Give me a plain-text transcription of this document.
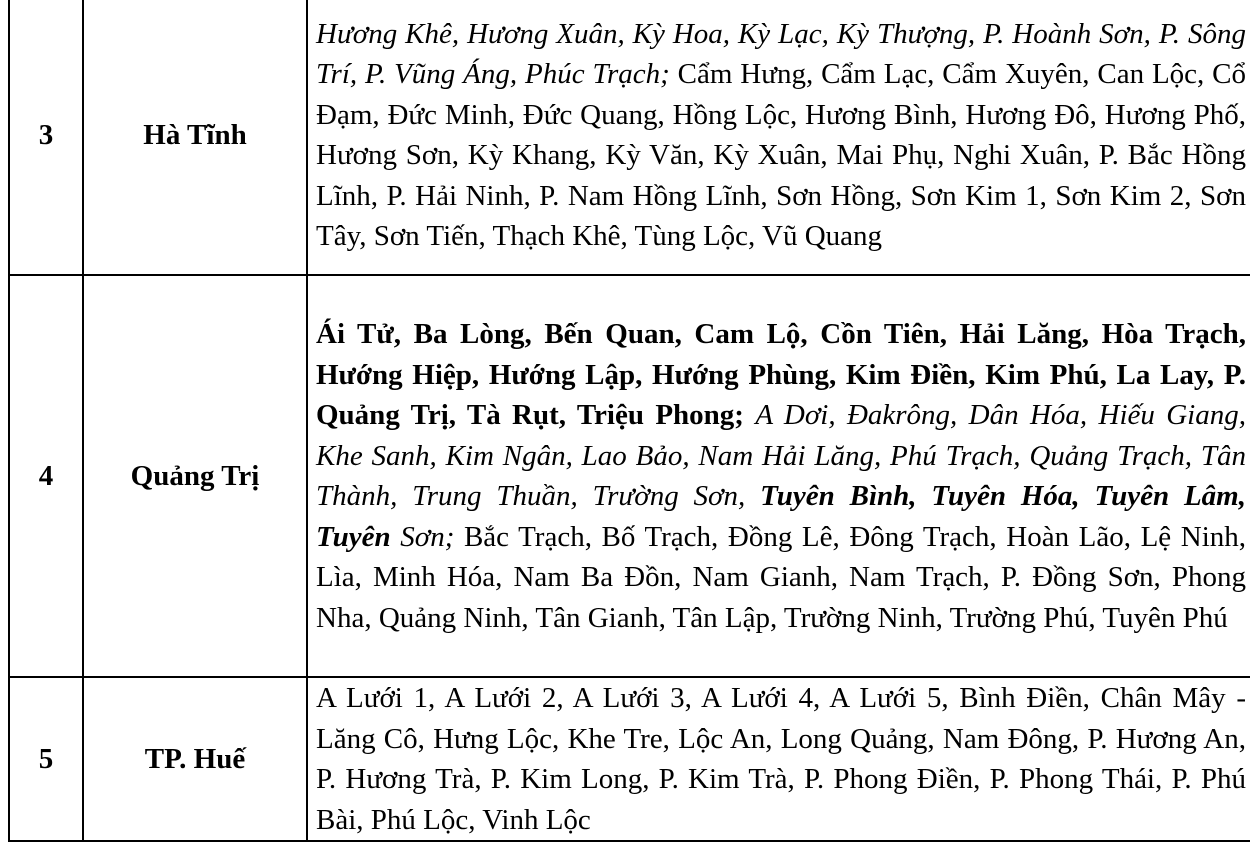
3	Hà Tĩnh	Hương Khê, Hương Xuân, Kỳ Hoa, Kỳ Lạc, Kỳ Thượng, P. Hoành Sơn, P. Sông Trí, P. Vũng Áng, Phúc Trạch; Cẩm Hưng, Cẩm Lạc, Cẩm Xuyên, Can Lộc, Cổ Đạm, Đức Minh, Đức Quang, Hồng Lộc, Hương Bình, Hương Đô, Hương Phố, Hương Sơn, Kỳ Khang, Kỳ Văn, Kỳ Xuân, Mai Phụ, Nghi Xuân, P. Bắc Hồng Lĩnh, P. Hải Ninh, P. Nam Hồng Lĩnh, Sơn Hồng, Sơn Kim 1, Sơn Kim 2, Sơn Tây, Sơn Tiến, Thạch Khê, Tùng Lộc, Vũ Quang
4	Quảng Trị	Ái Tử, Ba Lòng, Bến Quan, Cam Lộ, Cồn Tiên, Hải Lăng, Hòa Trạch, Hướng Hiệp, Hướng Lập, Hướng Phùng, Kim Điền, Kim Phú, La Lay, P. Quảng Trị, Tà Rụt, Triệu Phong; A Dơi, Đakrông, Dân Hóa, Hiếu Giang, Khe Sanh, Kim Ngân, Lao Bảo, Nam Hải Lăng, Phú Trạch, Quảng Trạch, Tân Thành, Trung Thuần, Trường Sơn, Tuyên Bình, Tuyên Hóa, Tuyên Lâm, Tuyên Sơn; Bắc Trạch, Bố Trạch, Đồng Lê, Đông Trạch, Hoàn Lão, Lệ Ninh, Lìa, Minh Hóa, Nam Ba Đồn, Nam Gianh, Nam Trạch, P. Đồng Sơn, Phong Nha, Quảng Ninh, Tân Gianh, Tân Lập, Trường Ninh, Trường Phú, Tuyên Phú
5	TP. Huế	A Lưới 1, A Lưới 2, A Lưới 3, A Lưới 4, A Lưới 5, Bình Điền, Chân Mây - Lăng Cô, Hưng Lộc, Khe Tre, Lộc An, Long Quảng, Nam Đông, P. Hương An, P. Hương Trà, P. Kim Long, P. Kim Trà, P. Phong Điền, P. Phong Thái, P. Phú Bài, Phú Lộc, Vinh Lộc
